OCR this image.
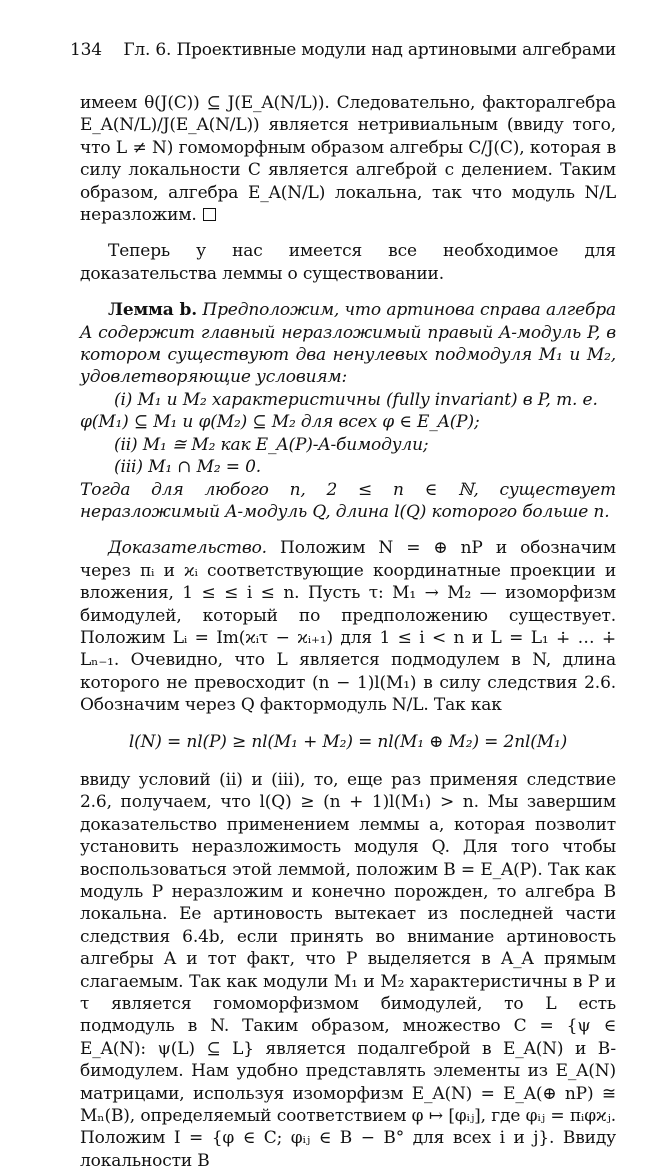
134 Гл. 6. Проективные модули над артиновыми алгебрами

имеем θ(J(C)) ⊆ J(E_A(N/L)). Следовательно, факторалгебра E_A(N/L)/J(E_A(N/L)) является нетривиальным (ввиду того, что L ≠ N) гомоморфным образом алгебры C/J(C), которая в силу локальности C является алгеброй с делением. Таким образом, алгебра E_A(N/L) локальна, так что модуль N/L неразложим.

Теперь у нас имеется все необходимое для доказательства леммы о существовании.

Лемма b. Предположим, что артинова справа алгебра A содержит главный неразложимый правый A-модуль P, в котором существуют два ненулевых подмодуля M₁ и M₂, удовлетворяющие условиям:

(i) M₁ и M₂ характеристичны (fully invariant) в P, т. е.

φ(M₁) ⊆ M₁ и φ(M₂) ⊆ M₂ для всех φ ∈ E_A(P);

(ii) M₁ ≅ M₂ как E_A(P)-A-бимодули;

(iii) M₁ ∩ M₂ = 0.

Тогда для любого n, 2 ≤ n ∈ ℕ, существует неразложимый A-модуль Q, длина l(Q) которого больше n.

Доказательство. Положим N = ⊕ nP и обозначим через πᵢ и ϰᵢ соответствующие координатные проекции и вложения, 1 ≤ ≤ i ≤ n. Пусть τ: M₁ → M₂ — изоморфизм бимодулей, который по предположению существует. Положим Lᵢ = Im(ϰᵢτ − ϰᵢ₊₁) для 1 ≤ i < n и L = L₁ ∔ … ∔ Lₙ₋₁. Очевидно, что L является подмодулем в N, длина которого не превосходит (n − 1)l(M₁) в силу следствия 2.6. Обозначим через Q фактормодуль N/L. Так как

l(N) = nl(P) ≥ nl(M₁ + M₂) = nl(M₁ ⊕ M₂) = 2nl(M₁)

ввиду условий (ii) и (iii), то, еще раз применяя следствие 2.6, получаем, что l(Q) ≥ (n + 1)l(M₁) > n. Мы завершим доказательство применением леммы a, которая позволит установить неразложимость модуля Q. Для того чтобы воспользоваться этой леммой, положим B = E_A(P). Так как модуль P неразложим и конечно порожден, то алгебра B локальна. Ее артиновость вытекает из последней части следствия 6.4b, если принять во внимание артиновость алгебры A и тот факт, что P выделяется в A_A прямым слагаемым. Так как модули M₁ и M₂ характеристичны в P и τ является гомоморфизмом бимодулей, то L есть подмодуль в N. Таким образом, множество C = {ψ ∈ E_A(N): ψ(L) ⊆ L} является подалгеброй в E_A(N) и B-бимодулем. Нам удобно представлять элементы из E_A(N) матрицами, используя изоморфизм E_A(N) = E_A(⊕ nP) ≅ Mₙ(B), определяемый соответствием φ ↦ [φᵢⱼ], где φᵢⱼ = πᵢφϰⱼ. Положим I = {φ ∈ C; φᵢⱼ ∈ B − B° для всех i и j}. Ввиду локальности B
